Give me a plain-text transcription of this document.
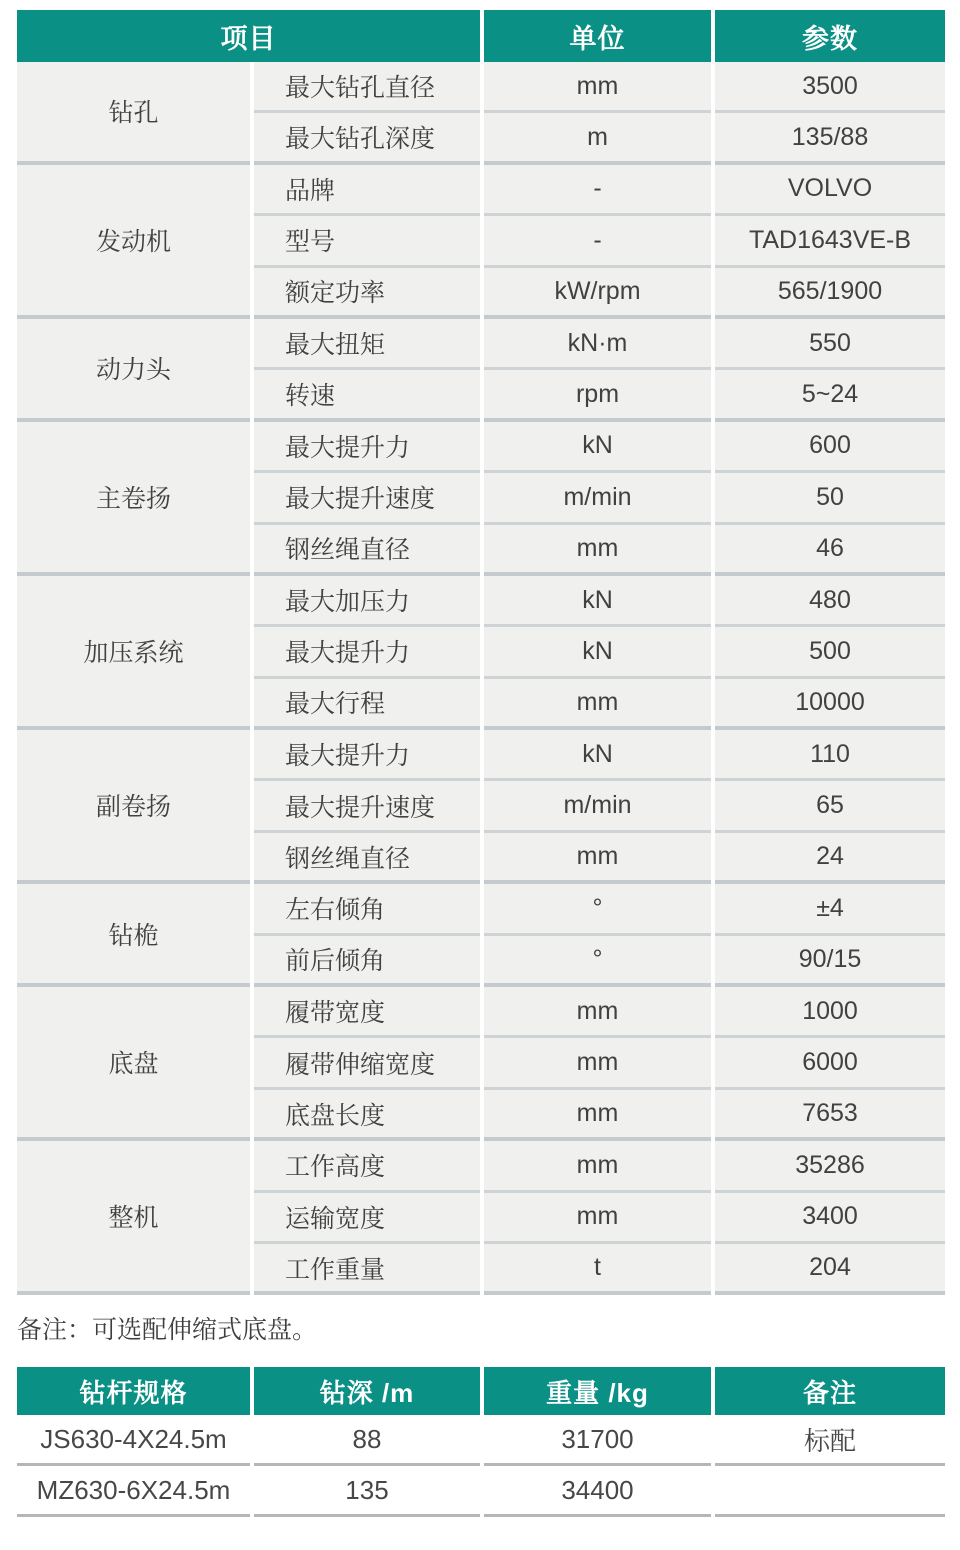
项目	单位	参数
钻孔
最大钻孔直径	mm	3500
最大钻孔深度	m	135/88
发动机
品牌	-	VOLVO
型号	-	TAD1643VE-B
额定功率	kW/rpm	565/1900
动力头
最大扭矩	kN·m	550
转速	rpm	5~24
主卷扬
最大提升力	kN	600
最大提升速度	m/min	50
钢丝绳直径	mm	46
加压系统
最大加压力	kN	480
最大提升力	kN	500
最大行程	mm	10000
副卷扬
最大提升力	kN	110
最大提升速度	m/min	65
钢丝绳直径	mm	24
钻桅
左右倾角	°	±4
前后倾角	°	90/15
底盘
履带宽度	mm	1000
履带伸缩宽度	mm	6000
底盘长度	mm	7653
整机
工作高度	mm	35286
运输宽度	mm	3400
工作重量	t	204
备注：可选配伸缩式底盘。
钻杆规格	钻深 /m	重量 /kg	备注
JS630-4X24.5m	88	31700	标配
MZ630-6X24.5m	135	34400
